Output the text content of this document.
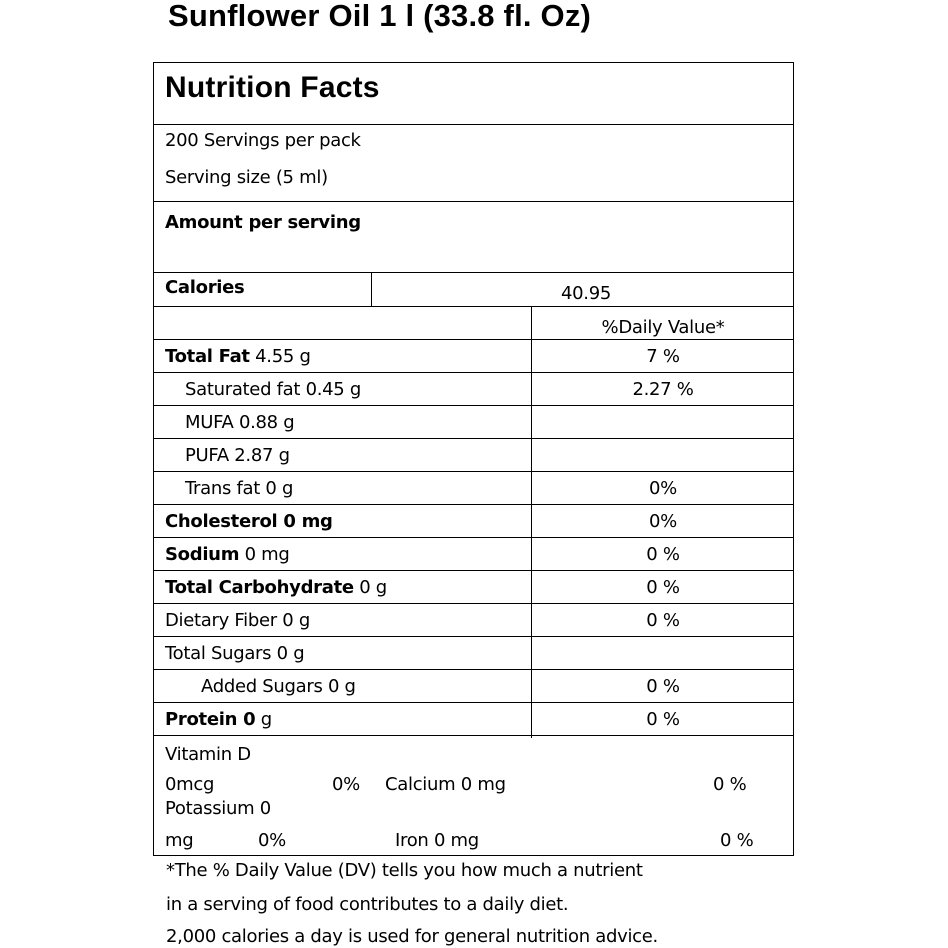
Sunflower Oil 1 l (33.8 fl. Oz)
Nutrition Facts
200 Servings per pack
Serving size (5 ml)
Amount per serving
Calories	40.95
%Daily Value*
Total Fat 4.55 g	7 %
Saturated fat 0.45 g	2.27 %
MUFA 0.88 g
PUFA 2.87 g
Trans fat 0 g	0%
Cholesterol 0 mg	0%
Sodium 0 mg	0 %
Total Carbohydrate 0 g	0 %
Dietary Fiber 0 g	0 %
Total Sugars 0 g
Added Sugars 0 g	0 %
Protein 0 g	0 %
Vitamin D
0mcg	0% Calcium 0 mg	0 %
Potassium 0
mg	0%	Iron 0 mg	0 %
*The % Daily Value (DV) tells you how much a nutrient
in a serving of food contributes to a daily diet.
2,000 calories a day is used for general nutrition advice.
